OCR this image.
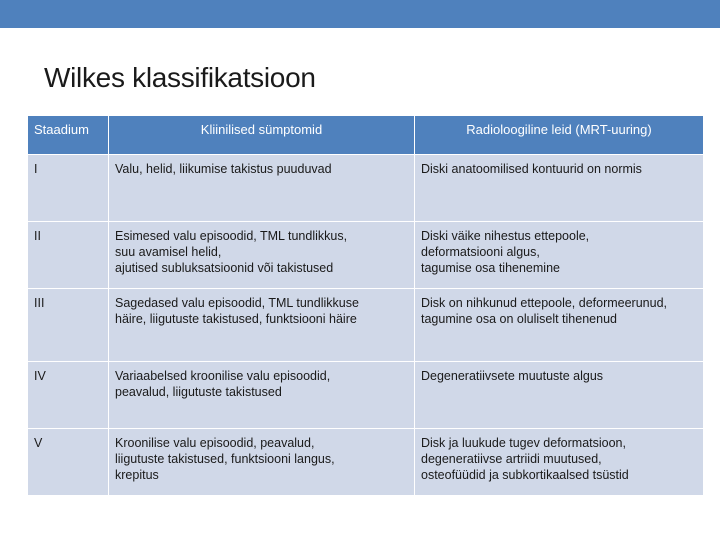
Wilkes klassifikatsioon
Staadium	Kliinilised sümptomid	Radioloogiline leid (MRT-uuring)
I	Valu, helid, liikumise takistus puuduvad	Diski anatoomilised kontuurid on normis

II	Esimesed valu episoodid, TML tundlikkus,
suu avamisel helid,
ajutised subluksatsioonid või takistused	Diski väike nihestus ettepoole,
deformatsiooni algus,
tagumise osa tihenemine

III	Sagedased valu episoodid, TML tundlikkuse
häire, liigutuste takistused, funktsiooni häire	Disk on nihkunud ettepoole, deformeerunud,
tagumine osa on oluliselt tihenenud

IV	Variaabelsed kroonilise valu episoodid,
peavalud, liigutuste takistused	Degeneratiivsete muutuste algus

V	Kroonilise valu episoodid, peavalud,
liigutuste takistused, funktsiooni langus,
krepitus	Disk ja luukude tugev deformatsioon,
degeneratiivse artriidi muutused,
osteofüüdid ja subkortikaalsed tsüstid
